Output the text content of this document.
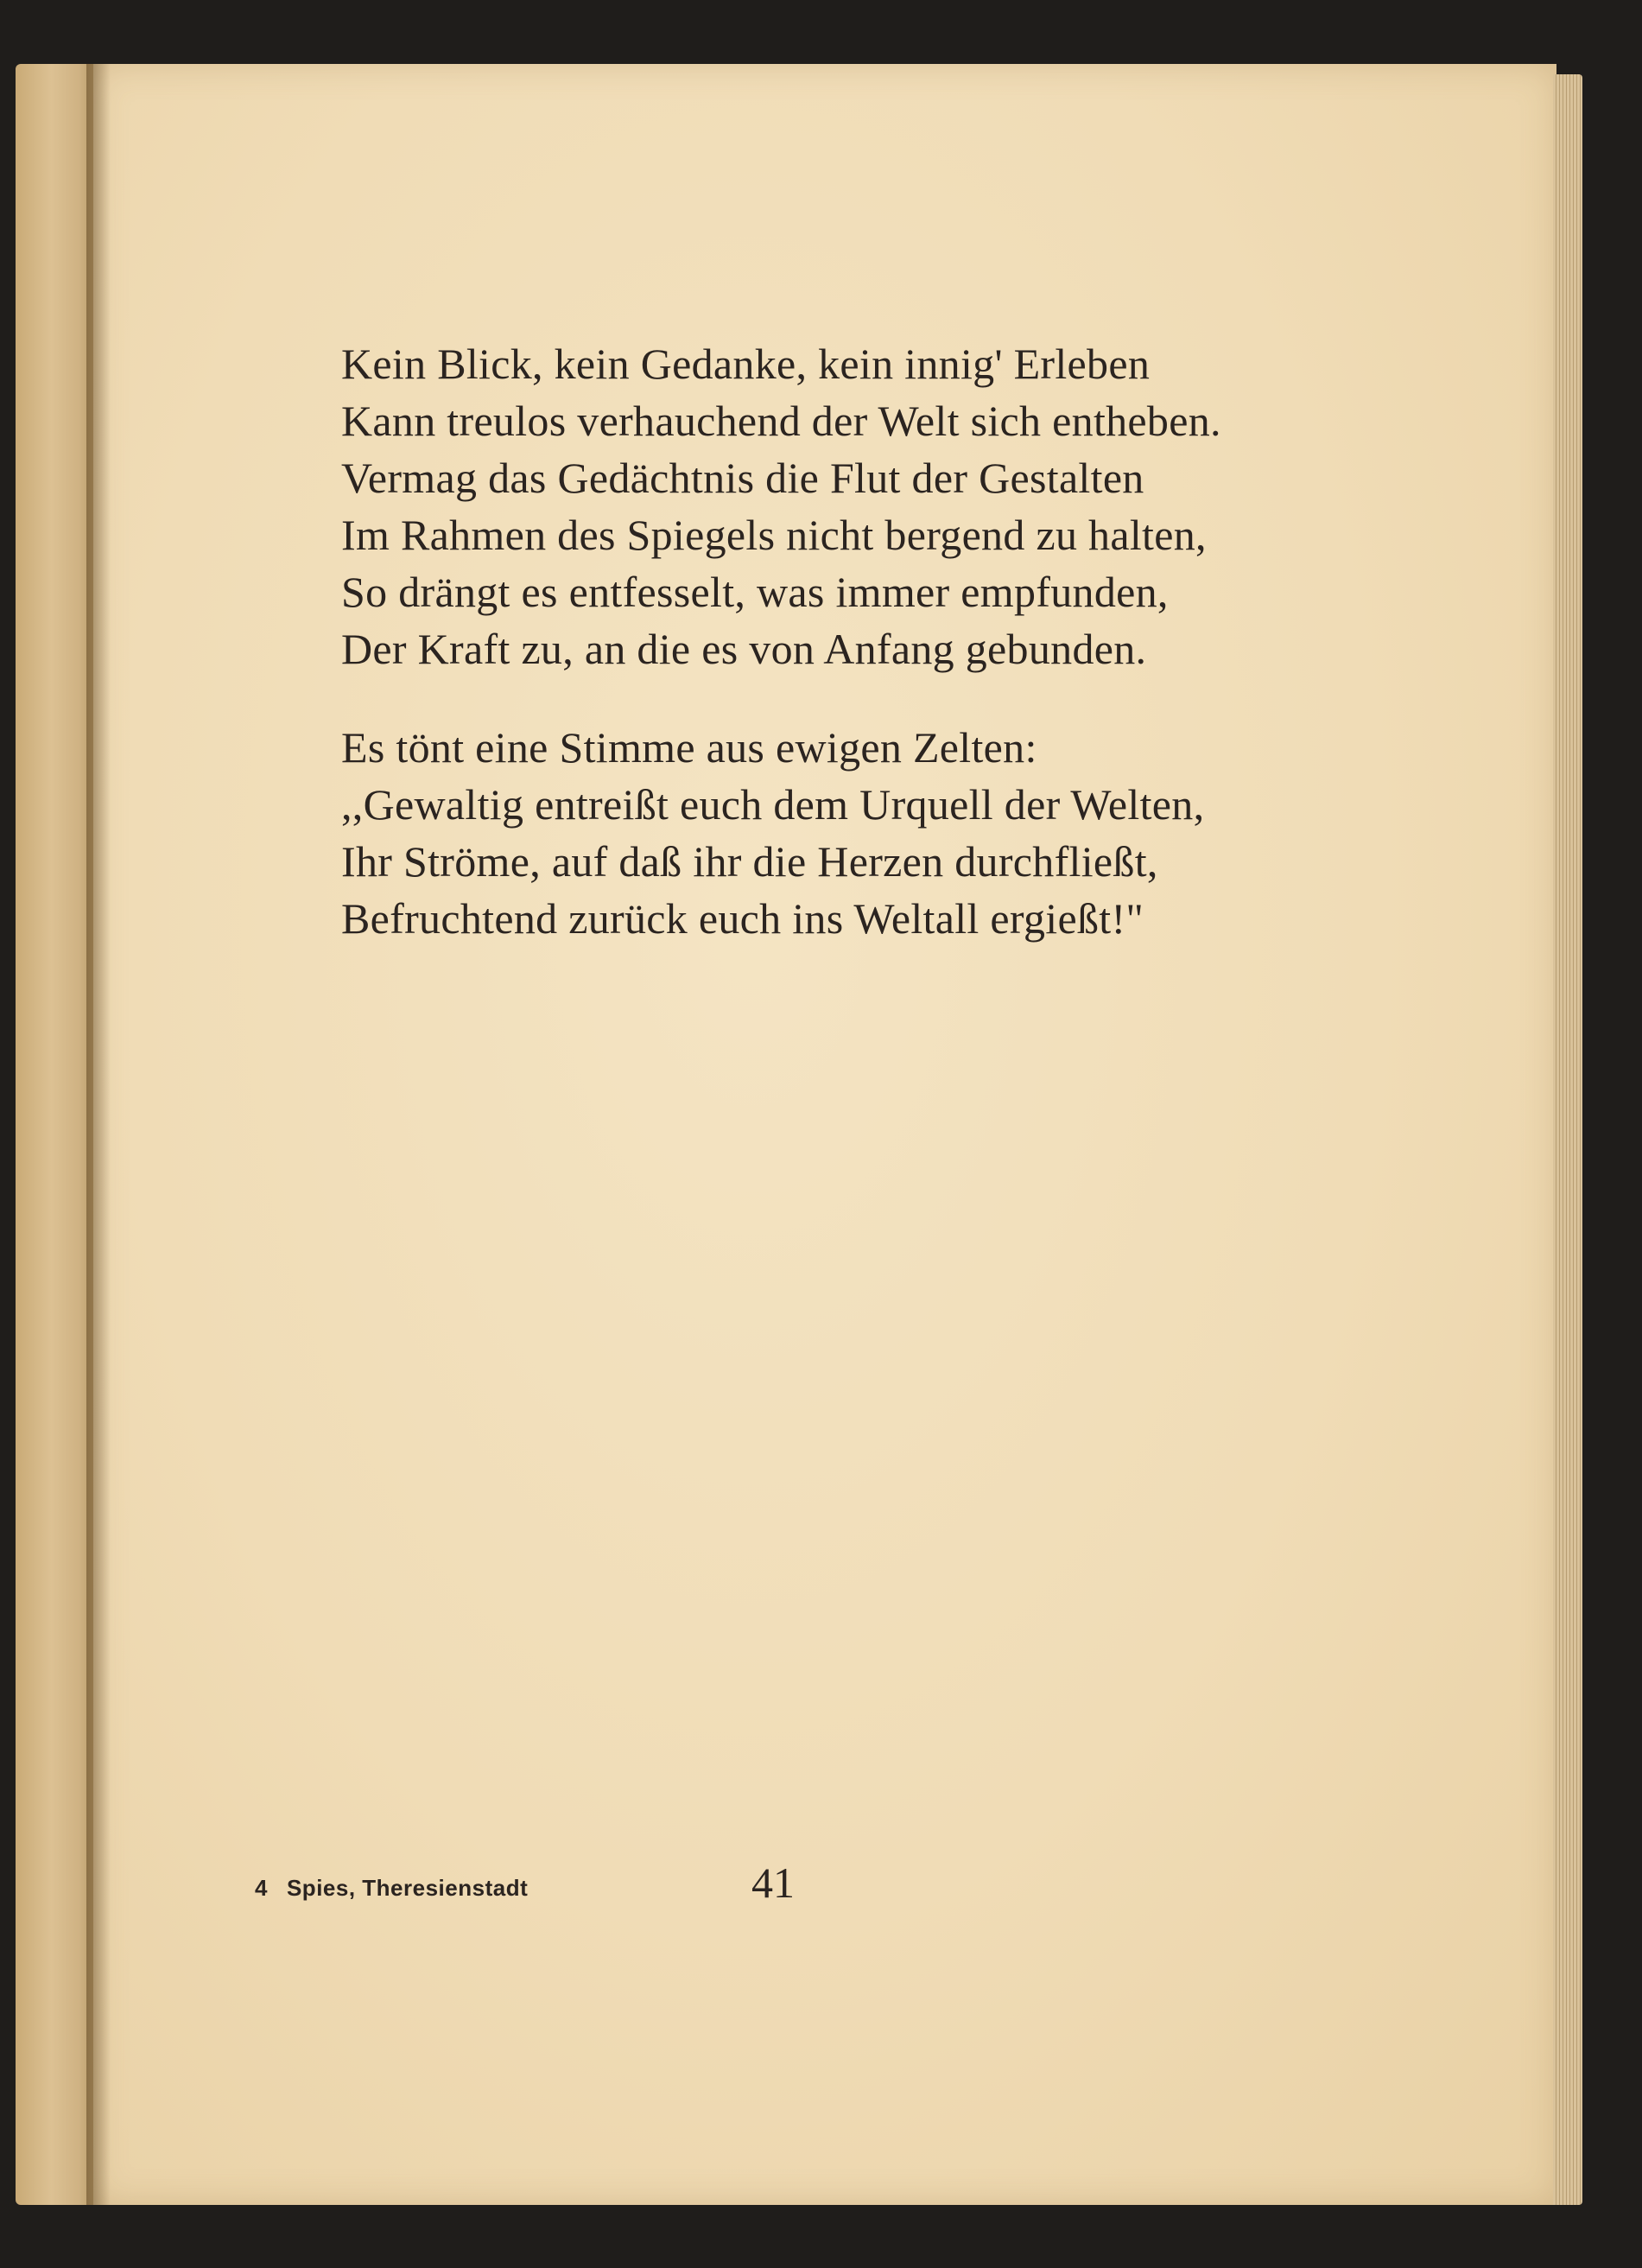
Kein Blick, kein Gedanke, kein innig' Erleben
Kann treulos verhauchend der Welt sich entheben.
Vermag das Gedächtnis die Flut der Gestalten
Im Rahmen des Spiegels nicht bergend zu halten,
So drängt es entfesselt, was immer empfunden,
Der Kraft zu, an die es von Anfang gebunden.
Es tönt eine Stimme aus ewigen Zelten:
,,Gewaltig entreißt euch dem Urquell der Welten,
Ihr Ströme, auf daß ihr die Herzen durchfließt,
Befruchtend zurück euch ins Weltall ergießt!"
4 Spies, Theresienstadt	41
